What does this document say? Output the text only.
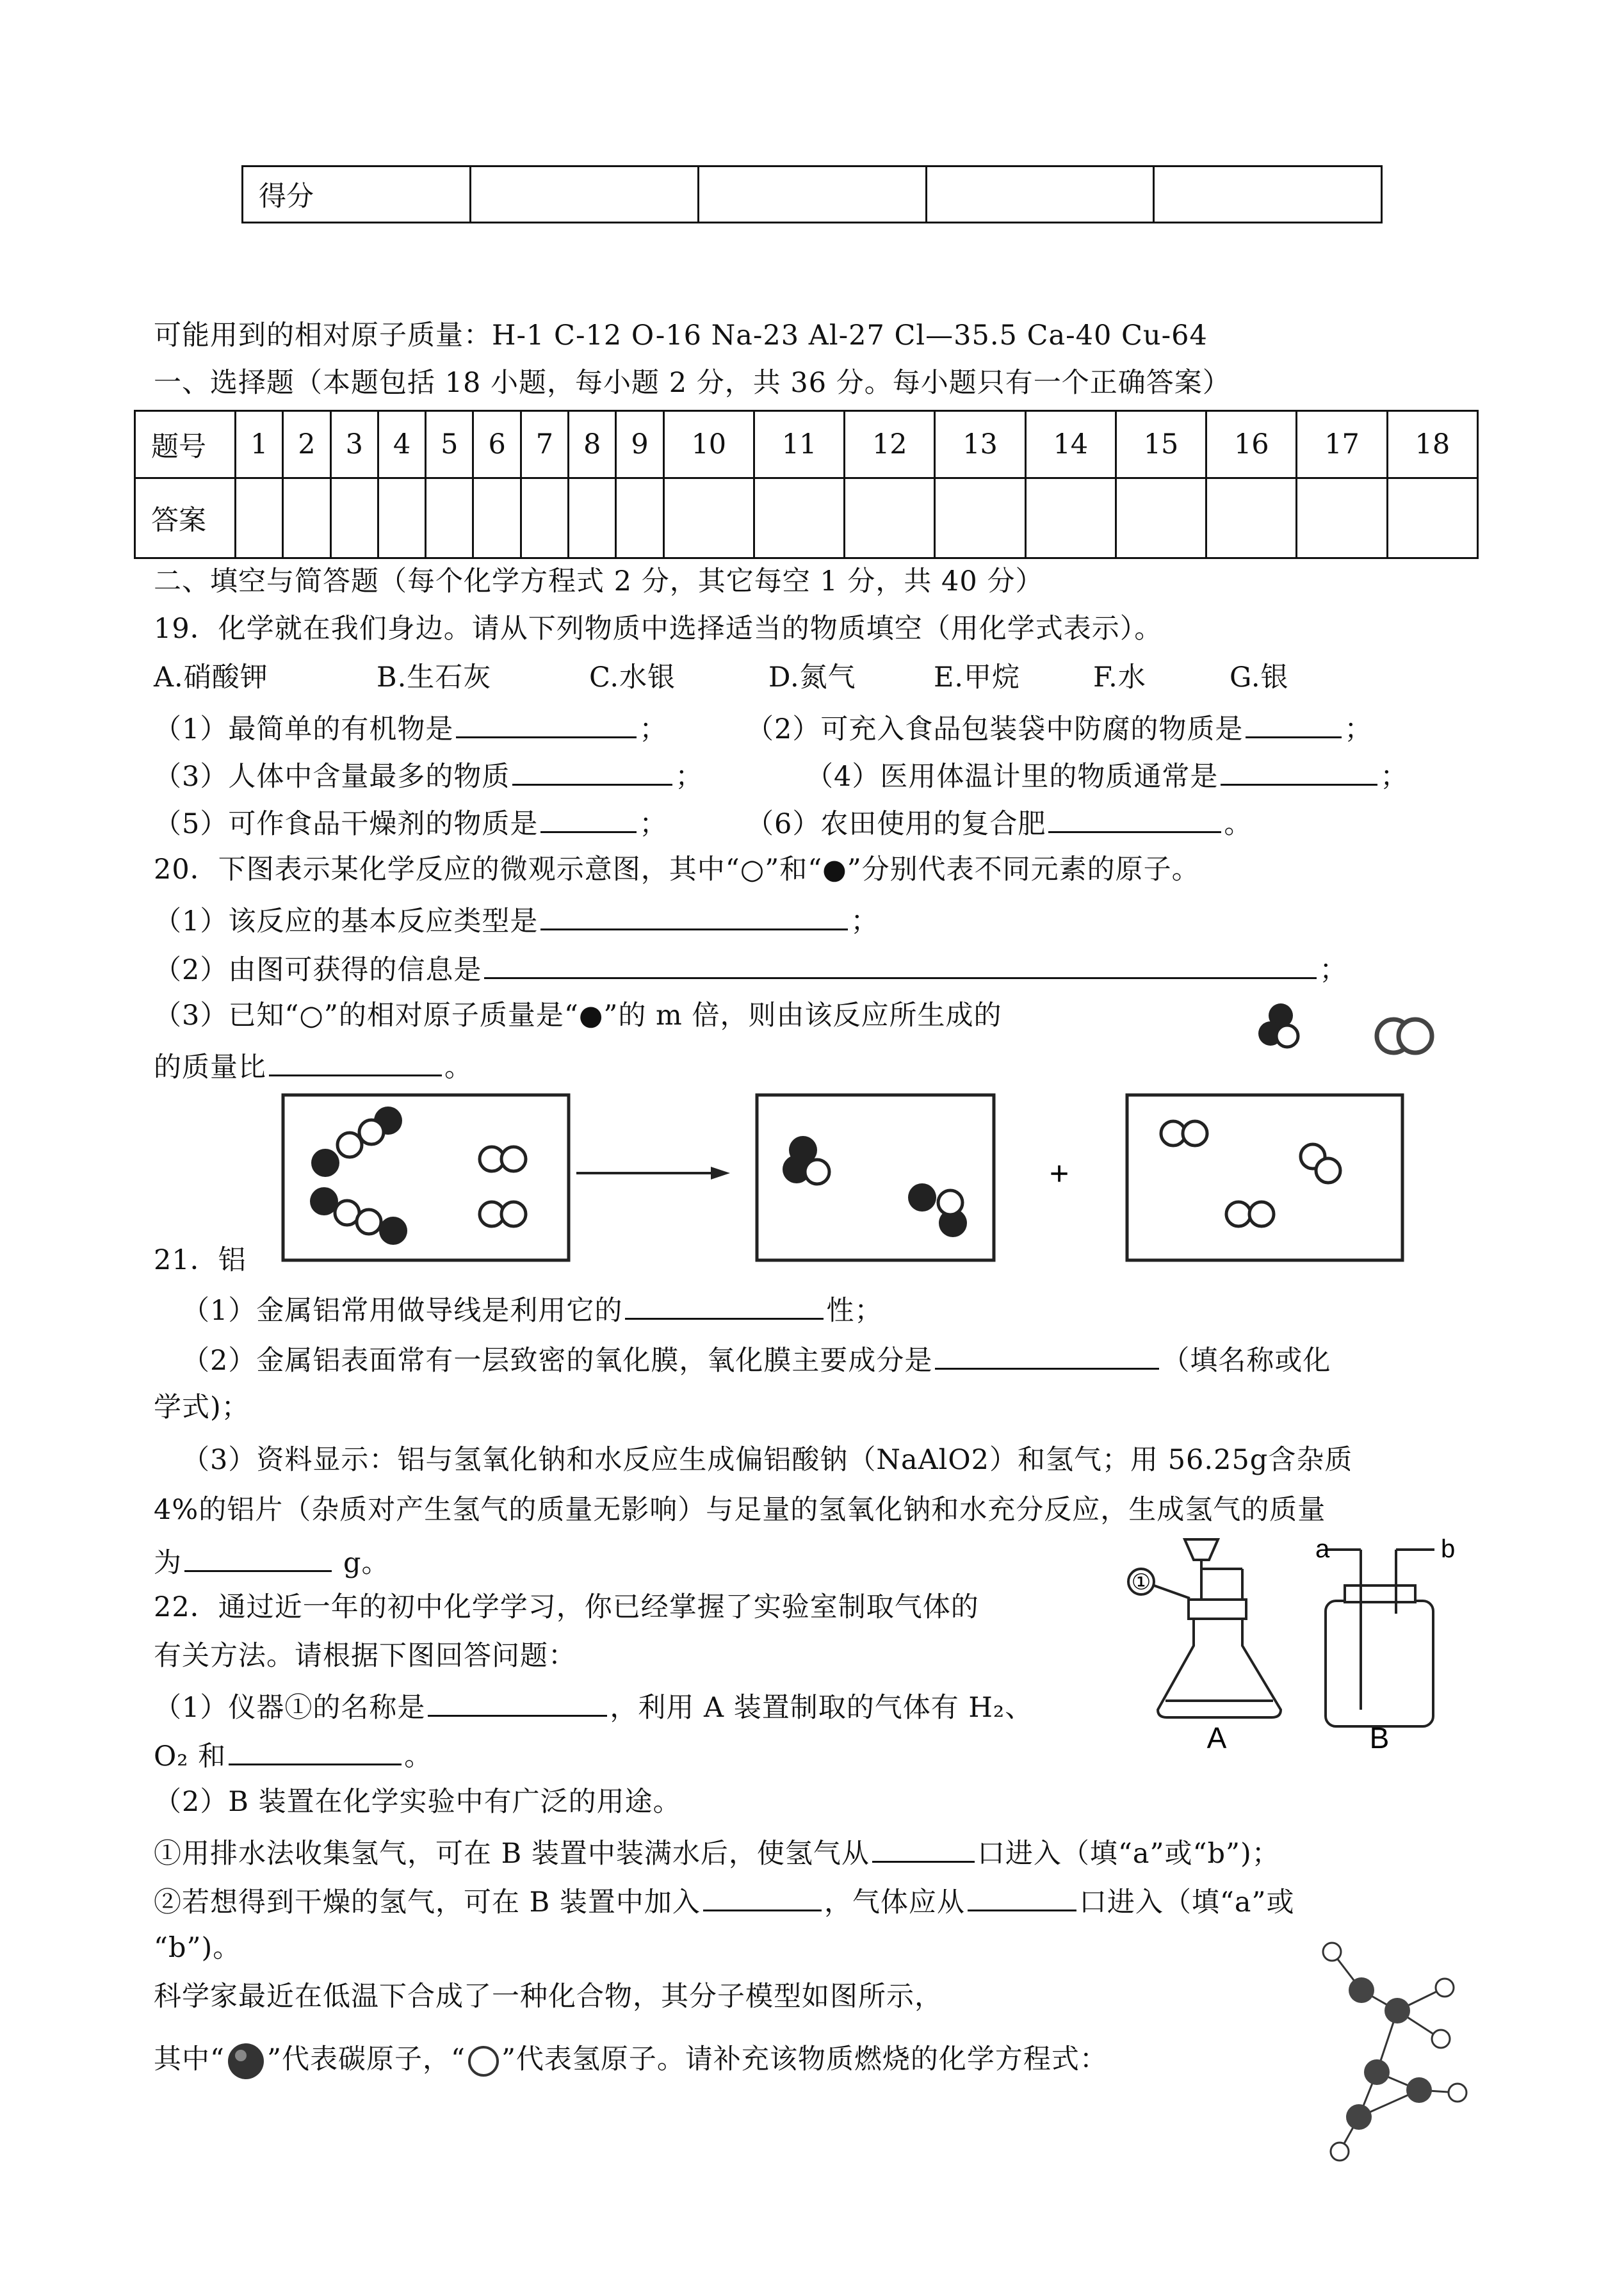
得分				
可能用到的相对原子质量：H-1 C-12 O-16 Na-23 Al-27 Cl—35.5 Ca-40 Cu-64
一、选择题（本题包括 18 小题，每小题 2 分，共 36 分。每小题只有一个正确答案）
题号	1	2	3	4	5	6	7	8	9	10	11	12	13	14	15	16	17	18
答案																		
二、填空与简答题（每个化学方程式 2 分，其它每空 1 分，共 40 分）
19．化学就在我们身边。请从下列物质中选择适当的物质填空（用化学式表示）。
A.硝酸钾	B.生石灰	C.水银	D.氮气	E.甲烷	F.水	G.银
（1）最简单的有机物是	；	（2）可充入食品包装袋中防腐的物质是	；
（3）人体中含量最多的物质	；	（4）医用体温计里的物质通常是	；
（5）可作食品干燥剂的物质是	；	（6）农田使用的复合肥	。
20．下图表示某化学反应的微观示意图，其中“○”和“●”分别代表不同元素的原子。
（1）该反应的基本反应类型是	；
（2）由图可获得的信息是	；
（3）已知“○”的相对原子质量是“●”的 m 倍，则由该反应所生成的
的质量比	。
+
21．铝
（1）金属铝常用做导线是利用它的	性；
（2）金属铝表面常有一层致密的氧化膜，氧化膜主要成分是	（填名称或化
学式)；
（3）资料显示：铝与氢氧化钠和水反应生成偏铝酸钠（NaAlO2）和氢气；用 56.25g含杂质
4%的铝片（杂质对产生氢气的质量无影响）与足量的氢氧化钠和水充分反应，生成氢气的质量
为	g。
22．通过近一年的初中化学学习，你已经掌握了实验室制取气体的
有关方法。请根据下图回答问题：
（1）仪器①的名称是	，利用 A 装置制取的气体有 H₂、
O₂ 和	。
（2）B 装置在化学实验中有广泛的用途。
①用排水法收集氢气，可在 B 装置中装满水后，使氢气从	口进入（填“a”或“b”)；
②若想得到干燥的氢气，可在 B 装置中加入	，气体应从	口进入（填“a”或
“b”)。
①
A
a	b
B
科学家最近在低温下合成了一种化合物，其分子模型如图所示，
其中“ ”代表碳原子，“ ”代表氢原子。请补充该物质燃烧的化学方程式：
